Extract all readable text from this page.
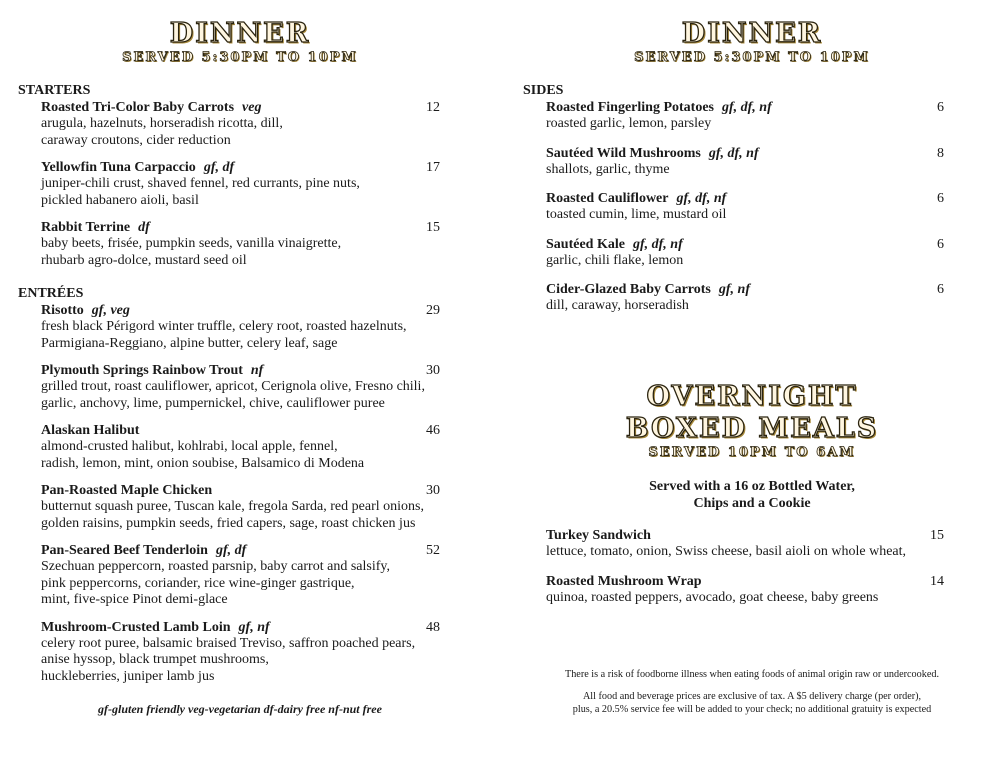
DINNER
SERVED 5:30PM TO 10PM
STARTERS
Roasted Tri-Color Baby Carrots veg	12
arugula, hazelnuts, horseradish ricotta, dill,
caraway croutons, cider reduction
Yellowfin Tuna Carpaccio gf, df	17
juniper-chili crust, shaved fennel, red currants, pine nuts,
pickled habanero aioli, basil
Rabbit Terrine df	15
baby beets, frisée, pumpkin seeds, vanilla vinaigrette,
rhubarb agro-dolce, mustard seed oil
ENTRÉES
Risotto gf, veg	29
fresh black Périgord winter truffle, celery root, roasted hazelnuts,
Parmigiana-Reggiano, alpine butter, celery leaf, sage
Plymouth Springs Rainbow Trout nf	30
grilled trout, roast cauliflower, apricot, Cerignola olive, Fresno chili,
garlic, anchovy, lime, pumpernickel, chive, cauliflower puree
Alaskan Halibut	46
almond-crusted halibut, kohlrabi, local apple, fennel,
radish, lemon, mint, onion soubise, Balsamico di Modena
Pan-Roasted Maple Chicken	30
butternut squash puree, Tuscan kale, fregola Sarda, red pearl onions,
golden raisins, pumpkin seeds, fried capers, sage, roast chicken jus
Pan-Seared Beef Tenderloin gf, df	52
Szechuan peppercorn, roasted parsnip, baby carrot and salsify,
pink peppercorns, coriander, rice wine-ginger gastrique,
mint, five-spice Pinot demi-glace
Mushroom-Crusted Lamb Loin gf, nf	48
celery root puree, balsamic braised Treviso, saffron poached pears,
anise hyssop, black trumpet mushrooms,
huckleberries, juniper lamb jus
gf-gluten friendly veg-vegetarian df-dairy free nf-nut free
DINNER
SERVED 5:30PM TO 10PM
SIDES
Roasted Fingerling Potatoes gf, df, nf	6
roasted garlic, lemon, parsley
Sautéed Wild Mushrooms gf, df, nf	8
shallots, garlic, thyme
Roasted Cauliflower gf, df, nf	6
toasted cumin, lime, mustard oil
Sautéed Kale gf, df, nf	6
garlic, chili flake, lemon
Cider-Glazed Baby Carrots gf, nf	6
dill, caraway, horseradish
OVERNIGHT
BOXED MEALS
SERVED 10PM TO 6AM
Served with a 16 oz Bottled Water,
Chips and a Cookie
Turkey Sandwich	15
lettuce, tomato, onion, Swiss cheese, basil aioli on whole wheat,
Roasted Mushroom Wrap	14
quinoa, roasted peppers, avocado, goat cheese, baby greens
There is a risk of foodborne illness when eating foods of animal origin raw or undercooked.
All food and beverage prices are exclusive of tax. A $5 delivery charge (per order),
plus, a 20.5% service fee will be added to your check; no additional gratuity is expected
